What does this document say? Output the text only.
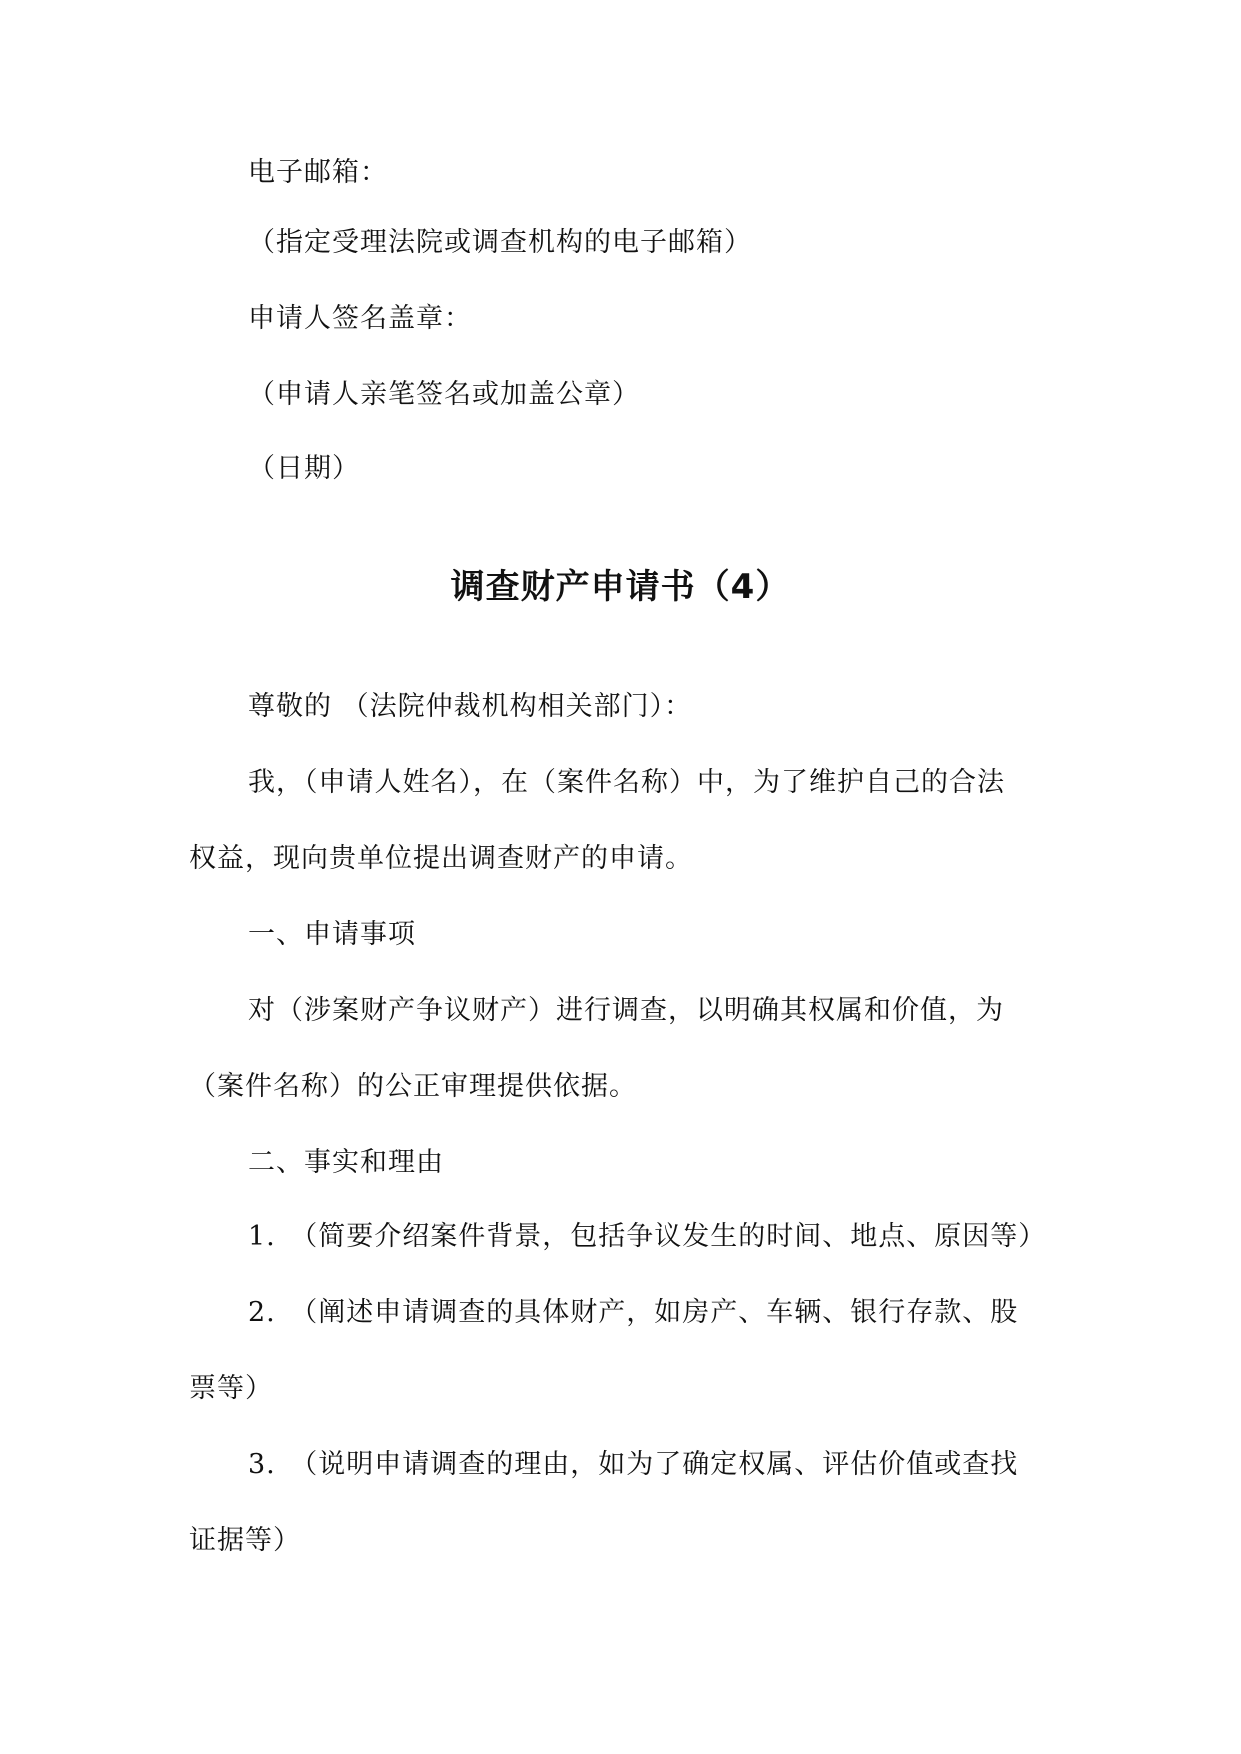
电子邮箱：
（指定受理法院或调查机构的电子邮箱）
申请人签名盖章：
（申请人亲笔签名或加盖公章）
（日期）
调查财产申请书（4）
尊敬的 （法院仲裁机构相关部门）：
我，（申请人姓名），在（案件名称）中，为了维护自己的合法
权益，现向贵单位提出调查财产的申请。
一、申请事项
对（涉案财产争议财产）进行调查，以明确其权属和价值，为
（案件名称）的公正审理提供依据。
二、事实和理由
1.　（简要介绍案件背景，包括争议发生的时间、地点、原因等）
2.　（阐述申请调查的具体财产，如房产、车辆、银行存款、股
票等）
3.　（说明申请调查的理由，如为了确定权属、评估价值或查找
证据等）
